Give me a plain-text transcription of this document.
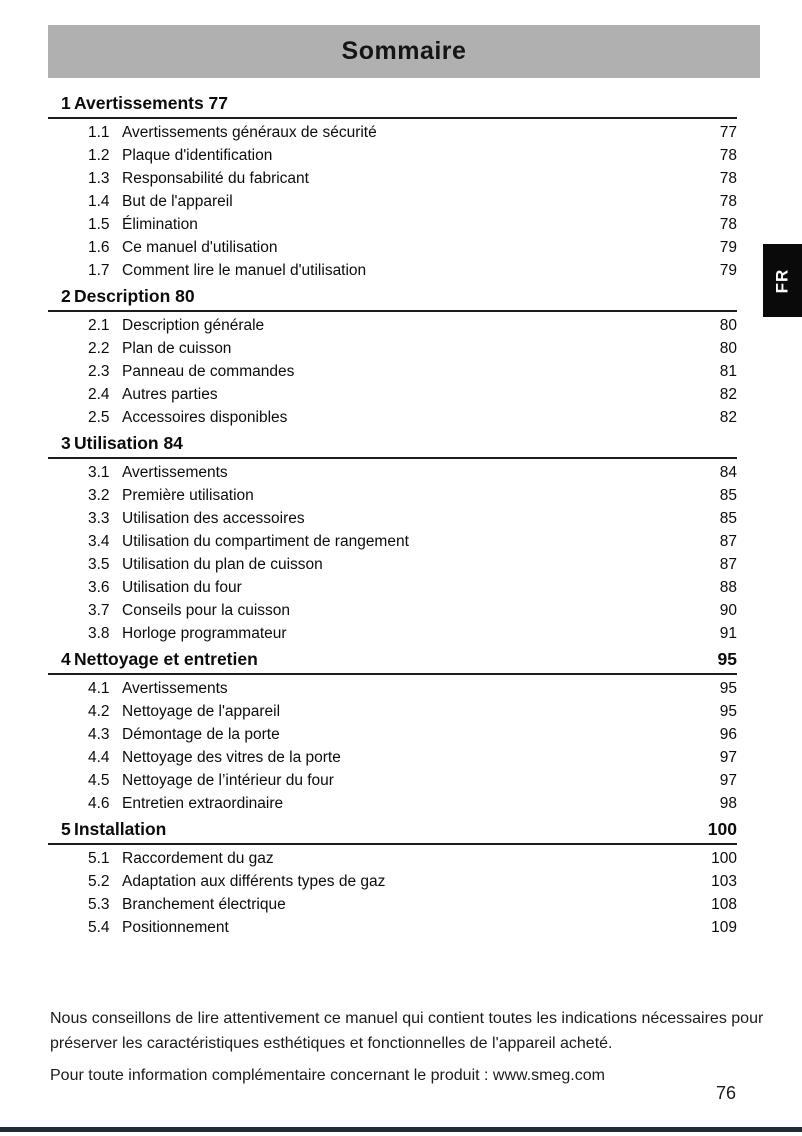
Sommaire
1 Avertissements 77
1.1 Avertissements généraux de sécurité	77
1.2 Plaque d'identification	78
1.3 Responsabilité du fabricant	78
1.4 But de l'appareil	78
1.5 Élimination	78
1.6 Ce manuel d'utilisation	79
1.7 Comment lire le manuel d'utilisation	79
2 Description 80
2.1 Description générale	80
2.2 Plan de cuisson	80
2.3 Panneau de commandes	81
2.4 Autres parties	82
2.5 Accessoires disponibles	82
3 Utilisation 84
3.1 Avertissements	84
3.2 Première utilisation	85
3.3 Utilisation des accessoires	85
3.4 Utilisation du compartiment de rangement	87
3.5 Utilisation du plan de cuisson	87
3.6 Utilisation du four	88
3.7 Conseils pour la cuisson	90
3.8 Horloge programmateur	91
4 Nettoyage et entretien	95
4.1 Avertissements	95
4.2 Nettoyage de l'appareil	95
4.3 Démontage de la porte	96
4.4 Nettoyage des vitres de la porte	97
4.5 Nettoyage de l’intérieur du four	97
4.6 Entretien extraordinaire	98
5 Installation	100
5.1 Raccordement du gaz	100
5.2 Adaptation aux différents types de gaz	103
5.3 Branchement électrique	108
5.4 Positionnement	109
FR
Nous conseillons de lire attentivement ce manuel qui contient toutes les indications nécessaires pour préserver les caractéristiques esthétiques et fonctionnelles de l'appareil acheté.
Pour toute information complémentaire concernant le produit : www.smeg.com
76
